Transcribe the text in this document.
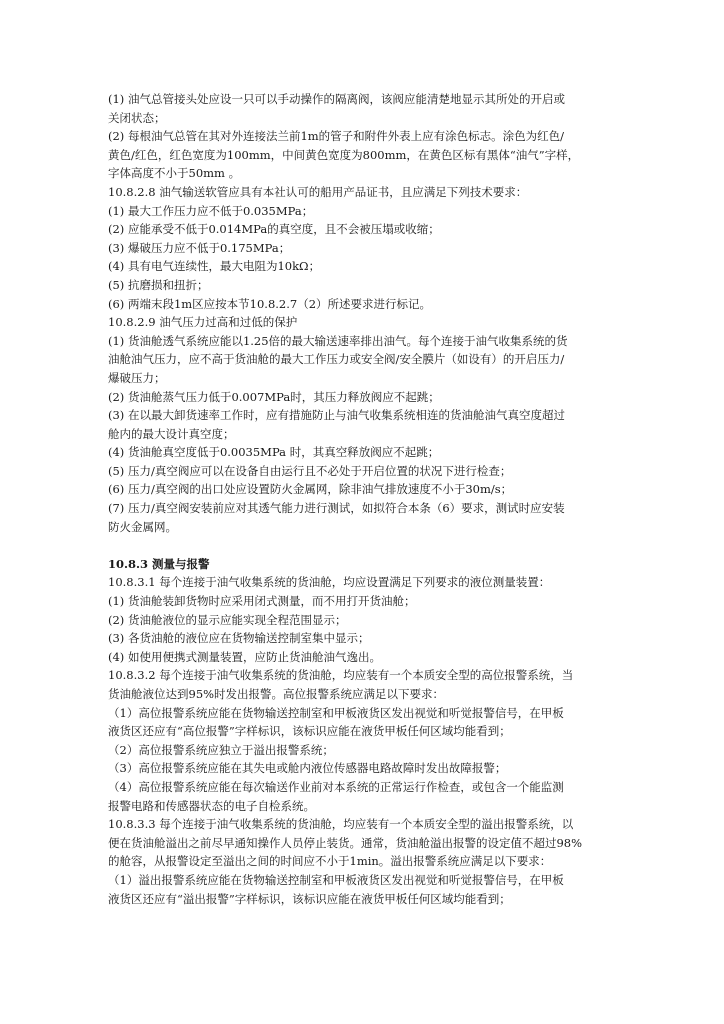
(1) 油气总管接头处应设一只可以手动操作的隔离阀，该阀应能清楚地显示其所处的开启或
关闭状态；
(2) 每根油气总管在其对外连接法兰前1m的管子和附件外表上应有涂色标志。涂色为红色/
黄色/红色，红色宽度为100mm，中间黄色宽度为800mm，在黄色区标有黑体“油气”字样，
字体高度不小于50mm 。
10.8.2.8 油气输送软管应具有本社认可的船用产品证书，且应满足下列技术要求：
(1) 最大工作压力应不低于0.035MPa；
(2) 应能承受不低于0.014MPa的真空度，且不会被压塌或收缩；
(3) 爆破压力应不低于0.175MPa；
(4) 具有电气连续性，最大电阻为10kΩ；
(5) 抗磨损和扭折；
(6) 两端末段1m区应按本节10.8.2.7（2）所述要求进行标记。
10.8.2.9 油气压力过高和过低的保护
(1) 货油舱透气系统应能以1.25倍的最大输送速率排出油气。每个连接于油气收集系统的货
油舱油气压力，应不高于货油舱的最大工作压力或安全阀/安全膜片（如设有）的开启压力/
爆破压力；
(2) 货油舱蒸气压力低于0.007MPa时，其压力释放阀应不起跳；
(3) 在以最大卸货速率工作时，应有措施防止与油气收集系统相连的货油舱油气真空度超过
舱内的最大设计真空度；
(4) 货油舱真空度低于0.0035MPa 时，其真空释放阀应不起跳；
(5) 压力/真空阀应可以在设备自由运行且不必处于开启位置的状况下进行检查；
(6) 压力/真空阀的出口处应设置防火金属网，除非油气排放速度不小于30m/s；
(7) 压力/真空阀安装前应对其透气能力进行测试，如拟符合本条（6）要求，测试时应安装
防火金属网。
10.8.3 测量与报警
10.8.3.1 每个连接于油气收集系统的货油舱，均应设置满足下列要求的液位测量装置：
(1) 货油舱装卸货物时应采用闭式测量，而不用打开货油舱；
(2) 货油舱液位的显示应能实现全程范围显示；
(3) 各货油舱的液位应在货物输送控制室集中显示；
(4) 如使用便携式测量装置，应防止货油舱油气逸出。
10.8.3.2 每个连接于油气收集系统的货油舱，均应装有一个本质安全型的高位报警系统，当
货油舱液位达到95%时发出报警。高位报警系统应满足以下要求：
（1）高位报警系统应能在货物输送控制室和甲板液货区发出视觉和听觉报警信号，在甲板
液货区还应有“高位报警”字样标识，该标识应能在液货甲板任何区域均能看到；
（2）高位报警系统应独立于溢出报警系统；
（3）高位报警系统应能在其失电或舱内液位传感器电路故障时发出故障报警；
（4）高位报警系统应能在每次输送作业前对本系统的正常运行作检查，或包含一个能监测
报警电路和传感器状态的电子自检系统。
10.8.3.3 每个连接于油气收集系统的货油舱，均应装有一个本质安全型的溢出报警系统，以
便在货油舱溢出之前尽早通知操作人员停止装货。通常，货油舱溢出报警的设定值不超过98%
的舱容，从报警设定至溢出之间的时间应不小于1min。溢出报警系统应满足以下要求：
（1）溢出报警系统应能在货物输送控制室和甲板液货区发出视觉和听觉报警信号，在甲板
液货区还应有“溢出报警”字样标识，该标识应能在液货甲板任何区域均能看到；
